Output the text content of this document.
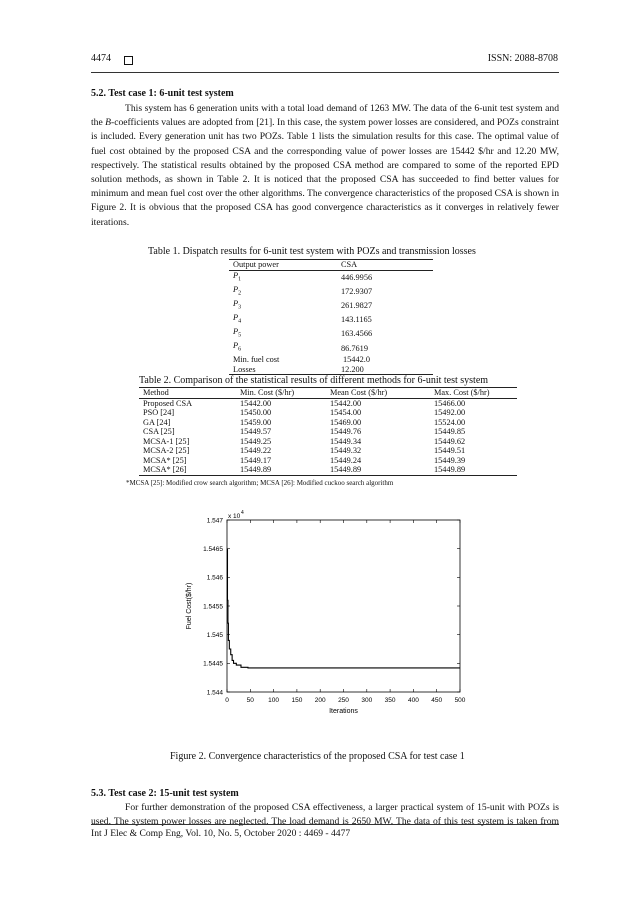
4474	ISSN: 2088-8708
5.2. Test case 1: 6-unit test system

This system has 6 generation units with a total load demand of 1263 MW. The data of the 6-unit test system and the B-coefficients values are adopted from [21]. In this case, the system power losses are considered, and POZs constraint is included. Every generation unit has two POZs. Table 1 lists the simulation results for this case. The optimal value of fuel cost obtained by the proposed CSA and the corresponding value of power losses are 15442 $/hr and 12.20 MW, respectively. The statistical results obtained by the proposed CSA method are compared to some of the reported EPD solution methods, as shown in Table 2. It is noticed that the proposed CSA has succeeded to find better values for minimum and mean fuel cost over the other algorithms. The convergence characteristics of the proposed CSA is shown in Figure 2. It is obvious that the proposed CSA has good convergence characteristics as it converges in relatively fewer iterations.

Table 1. Dispatch results for 6-unit test system with POZs and transmission losses
Output power	CSA
$P_1$	446.9956
$P_2$	172.9307
$P_3$	261.9827
$P_4$	143.1165
$P_5$	163.4566
$P_6$	86.7619
Min. fuel cost	15442.0
Losses	12.200
Table 2. Comparison of the statistical results of different methods for 6-unit test system
Method	Min. Cost ($/hr)	Mean Cost ($/hr)	Max. Cost ($/hr)
Proposed CSA	15442.00	15442.00	15466.00
PSO [24]	15450.00	15454.00	15492.00
GA [24]	15459.00	15469.00	15524.00
CSA [25]	15449.57	15449.76	15449.85
MCSA-1 [25]	15449.25	15449.34	15449.62
MCSA-2 [25]	15449.22	15449.32	15449.51
MCSA* [25]	15449.17	15449.24	15449.39
MCSA* [26]	15449.89	15449.89	15449.89
*MCSA [25]: Modified crow search algorithm; MCSA [26]: Modified cuckoo search algorithm
0	50 100 150 200 250 300 350 400 450 500
1.544
1.5445
1.545
1.5455
1.546
1.5465
1.547
x 10 4
Iterations
Fuel Cost($/hr)
Figure 2. Convergence characteristics of the proposed CSA for test case 1
5.3. Test case 2: 15-unit test system

For further demonstration of the proposed CSA effectiveness, a larger practical system of 15-unit with POZs is used. The system power losses are neglected. The load demand is 2650 MW. The data of this test system is taken from

Int J Elec & Comp Eng, Vol. 10, No. 5, October 2020 : 4469 - 4477
